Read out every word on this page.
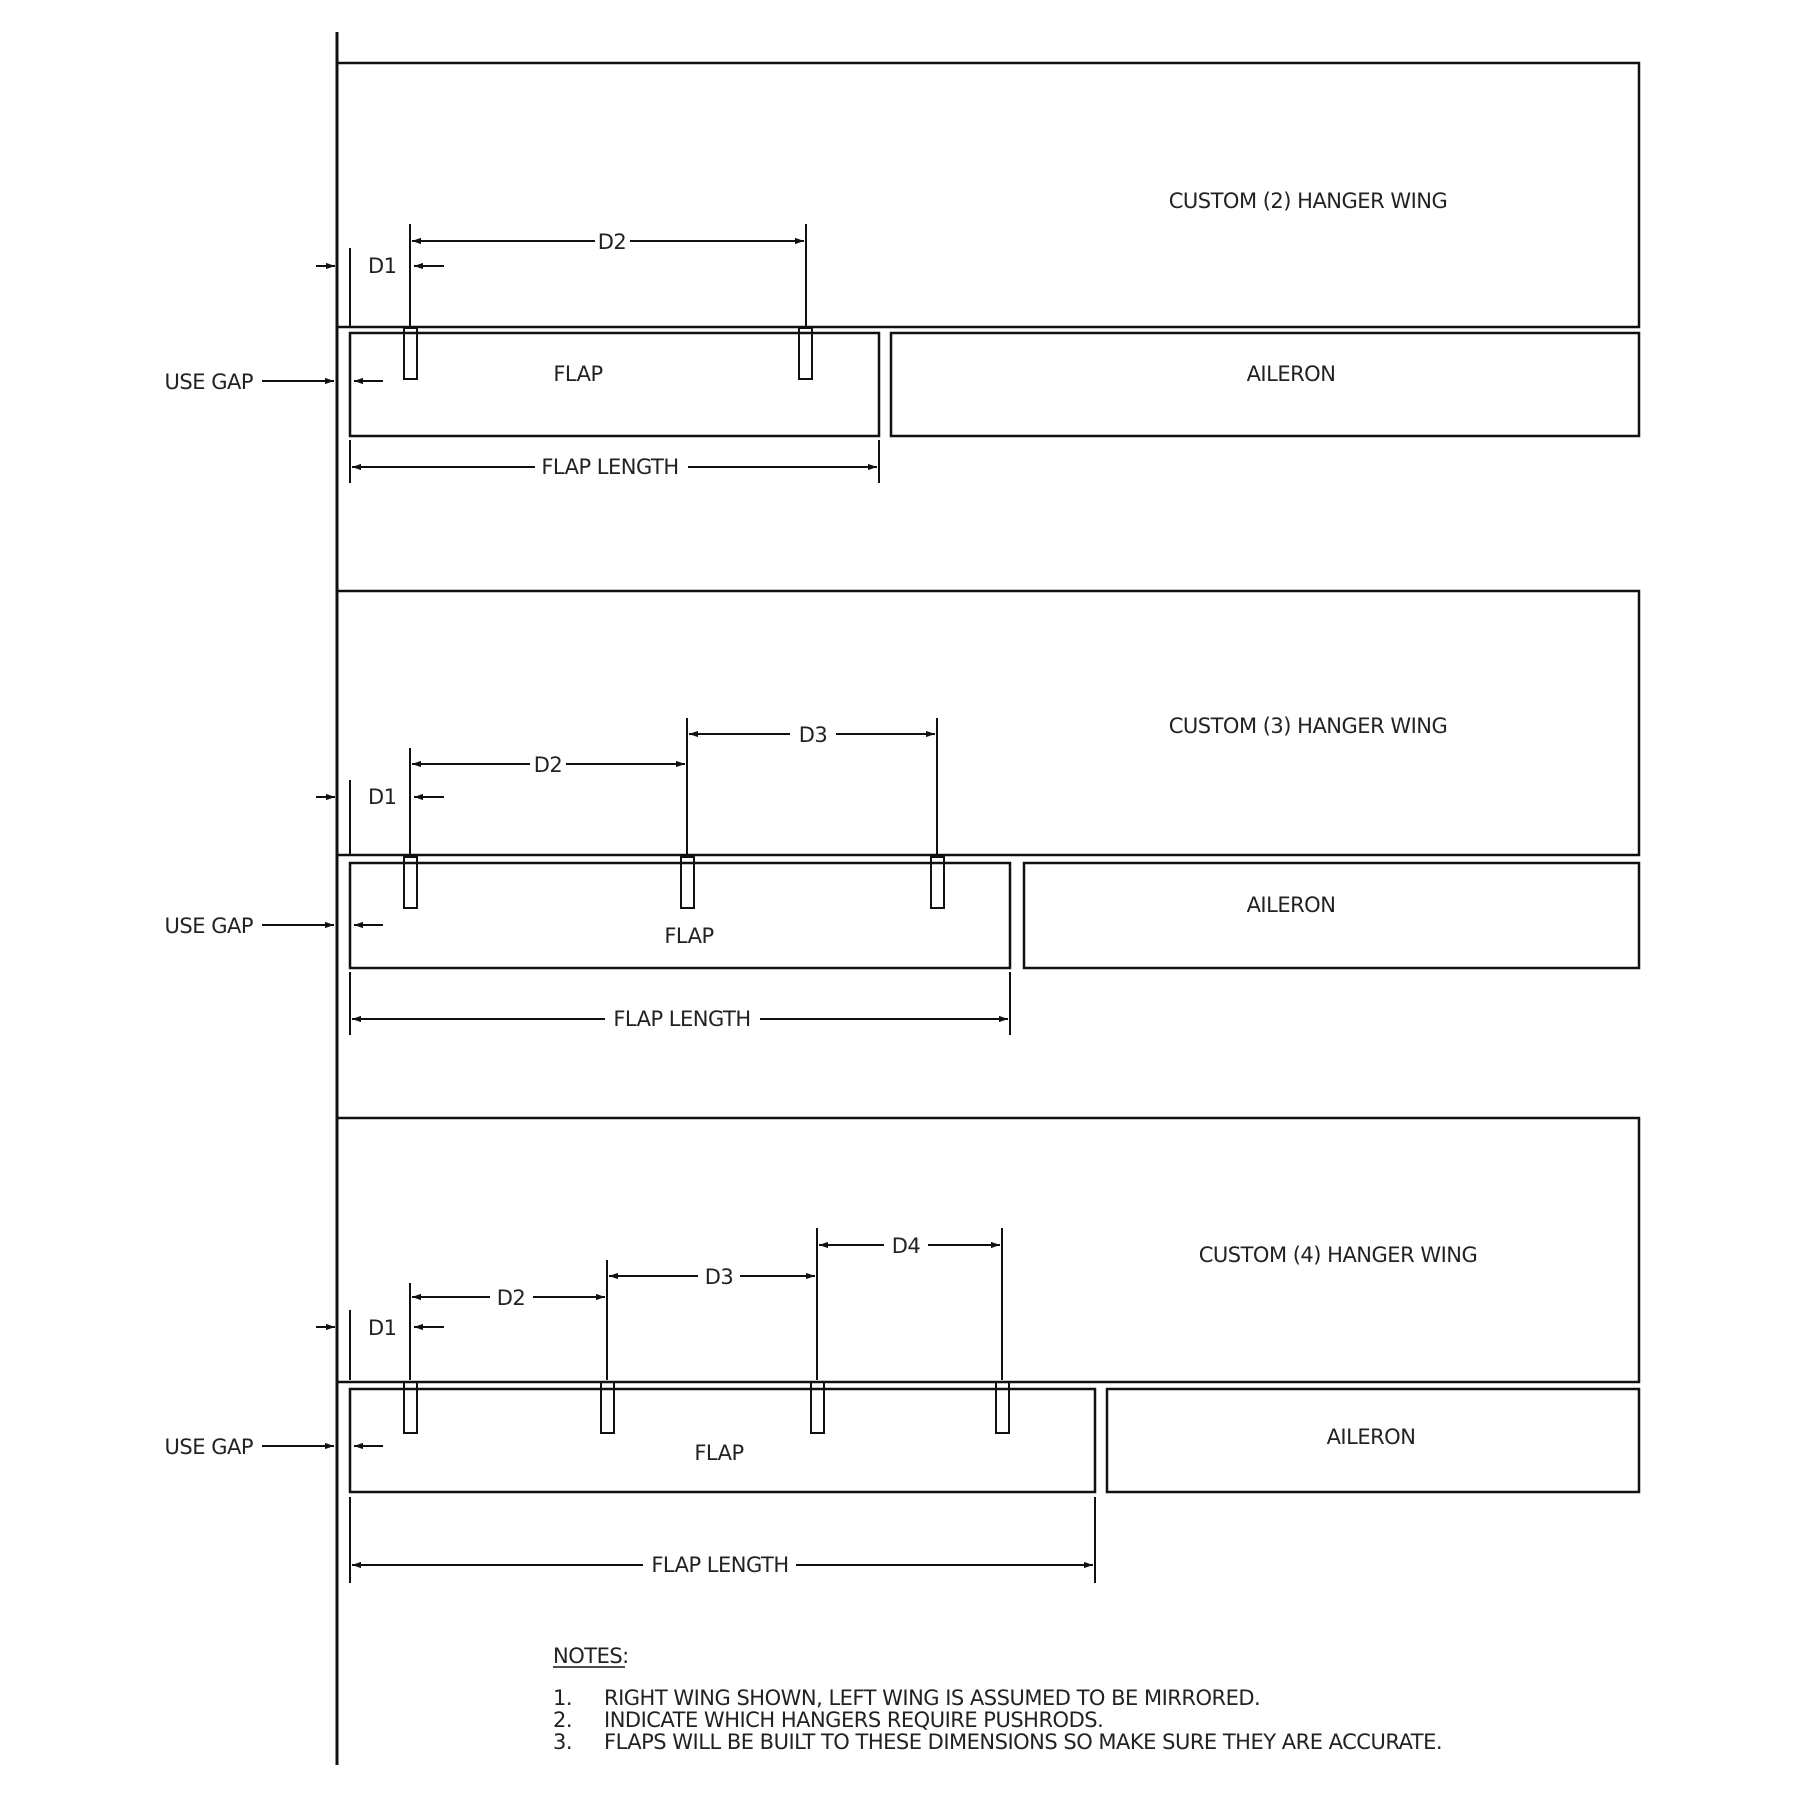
CUSTOM (2) HANGER WING
FLAP	AILERON
FLAP LENGTH
USE GAP
D1
D2
CUSTOM (3) HANGER WING
FLAP
AILERON
FLAP LENGTH
USE GAP
D1
D2
D3
CUSTOM (4) HANGER WING
FLAP
AILERON
FLAP LENGTH
USE GAP
D1
D2
D3
D4
NOTES:
1. RIGHT WING SHOWN, LEFT WING IS ASSUMED TO BE MIRRORED.
2. INDICATE WHICH HANGERS REQUIRE PUSHRODS.
3. FLAPS WILL BE BUILT TO THESE DIMENSIONS SO MAKE SURE THEY ARE ACCURATE.
